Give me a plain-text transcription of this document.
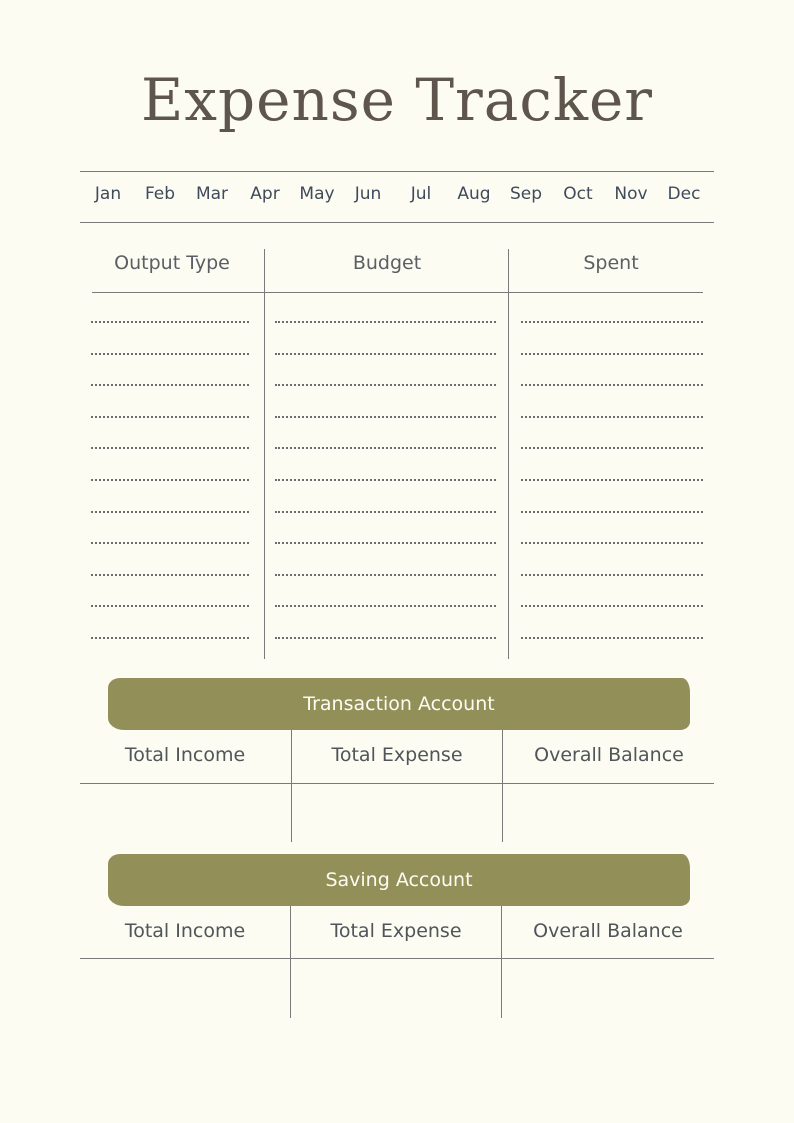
Expense Tracker
Jan	Feb	Mar	Apr	May	Jun	Jul	Aug	Sep	Oct	Nov	Dec
Output Type	Budget	Spent
Transaction Account
Total Income	Total Expense	Overall Balance
Saving Account
Total Income	Total Expense	Overall Balance
